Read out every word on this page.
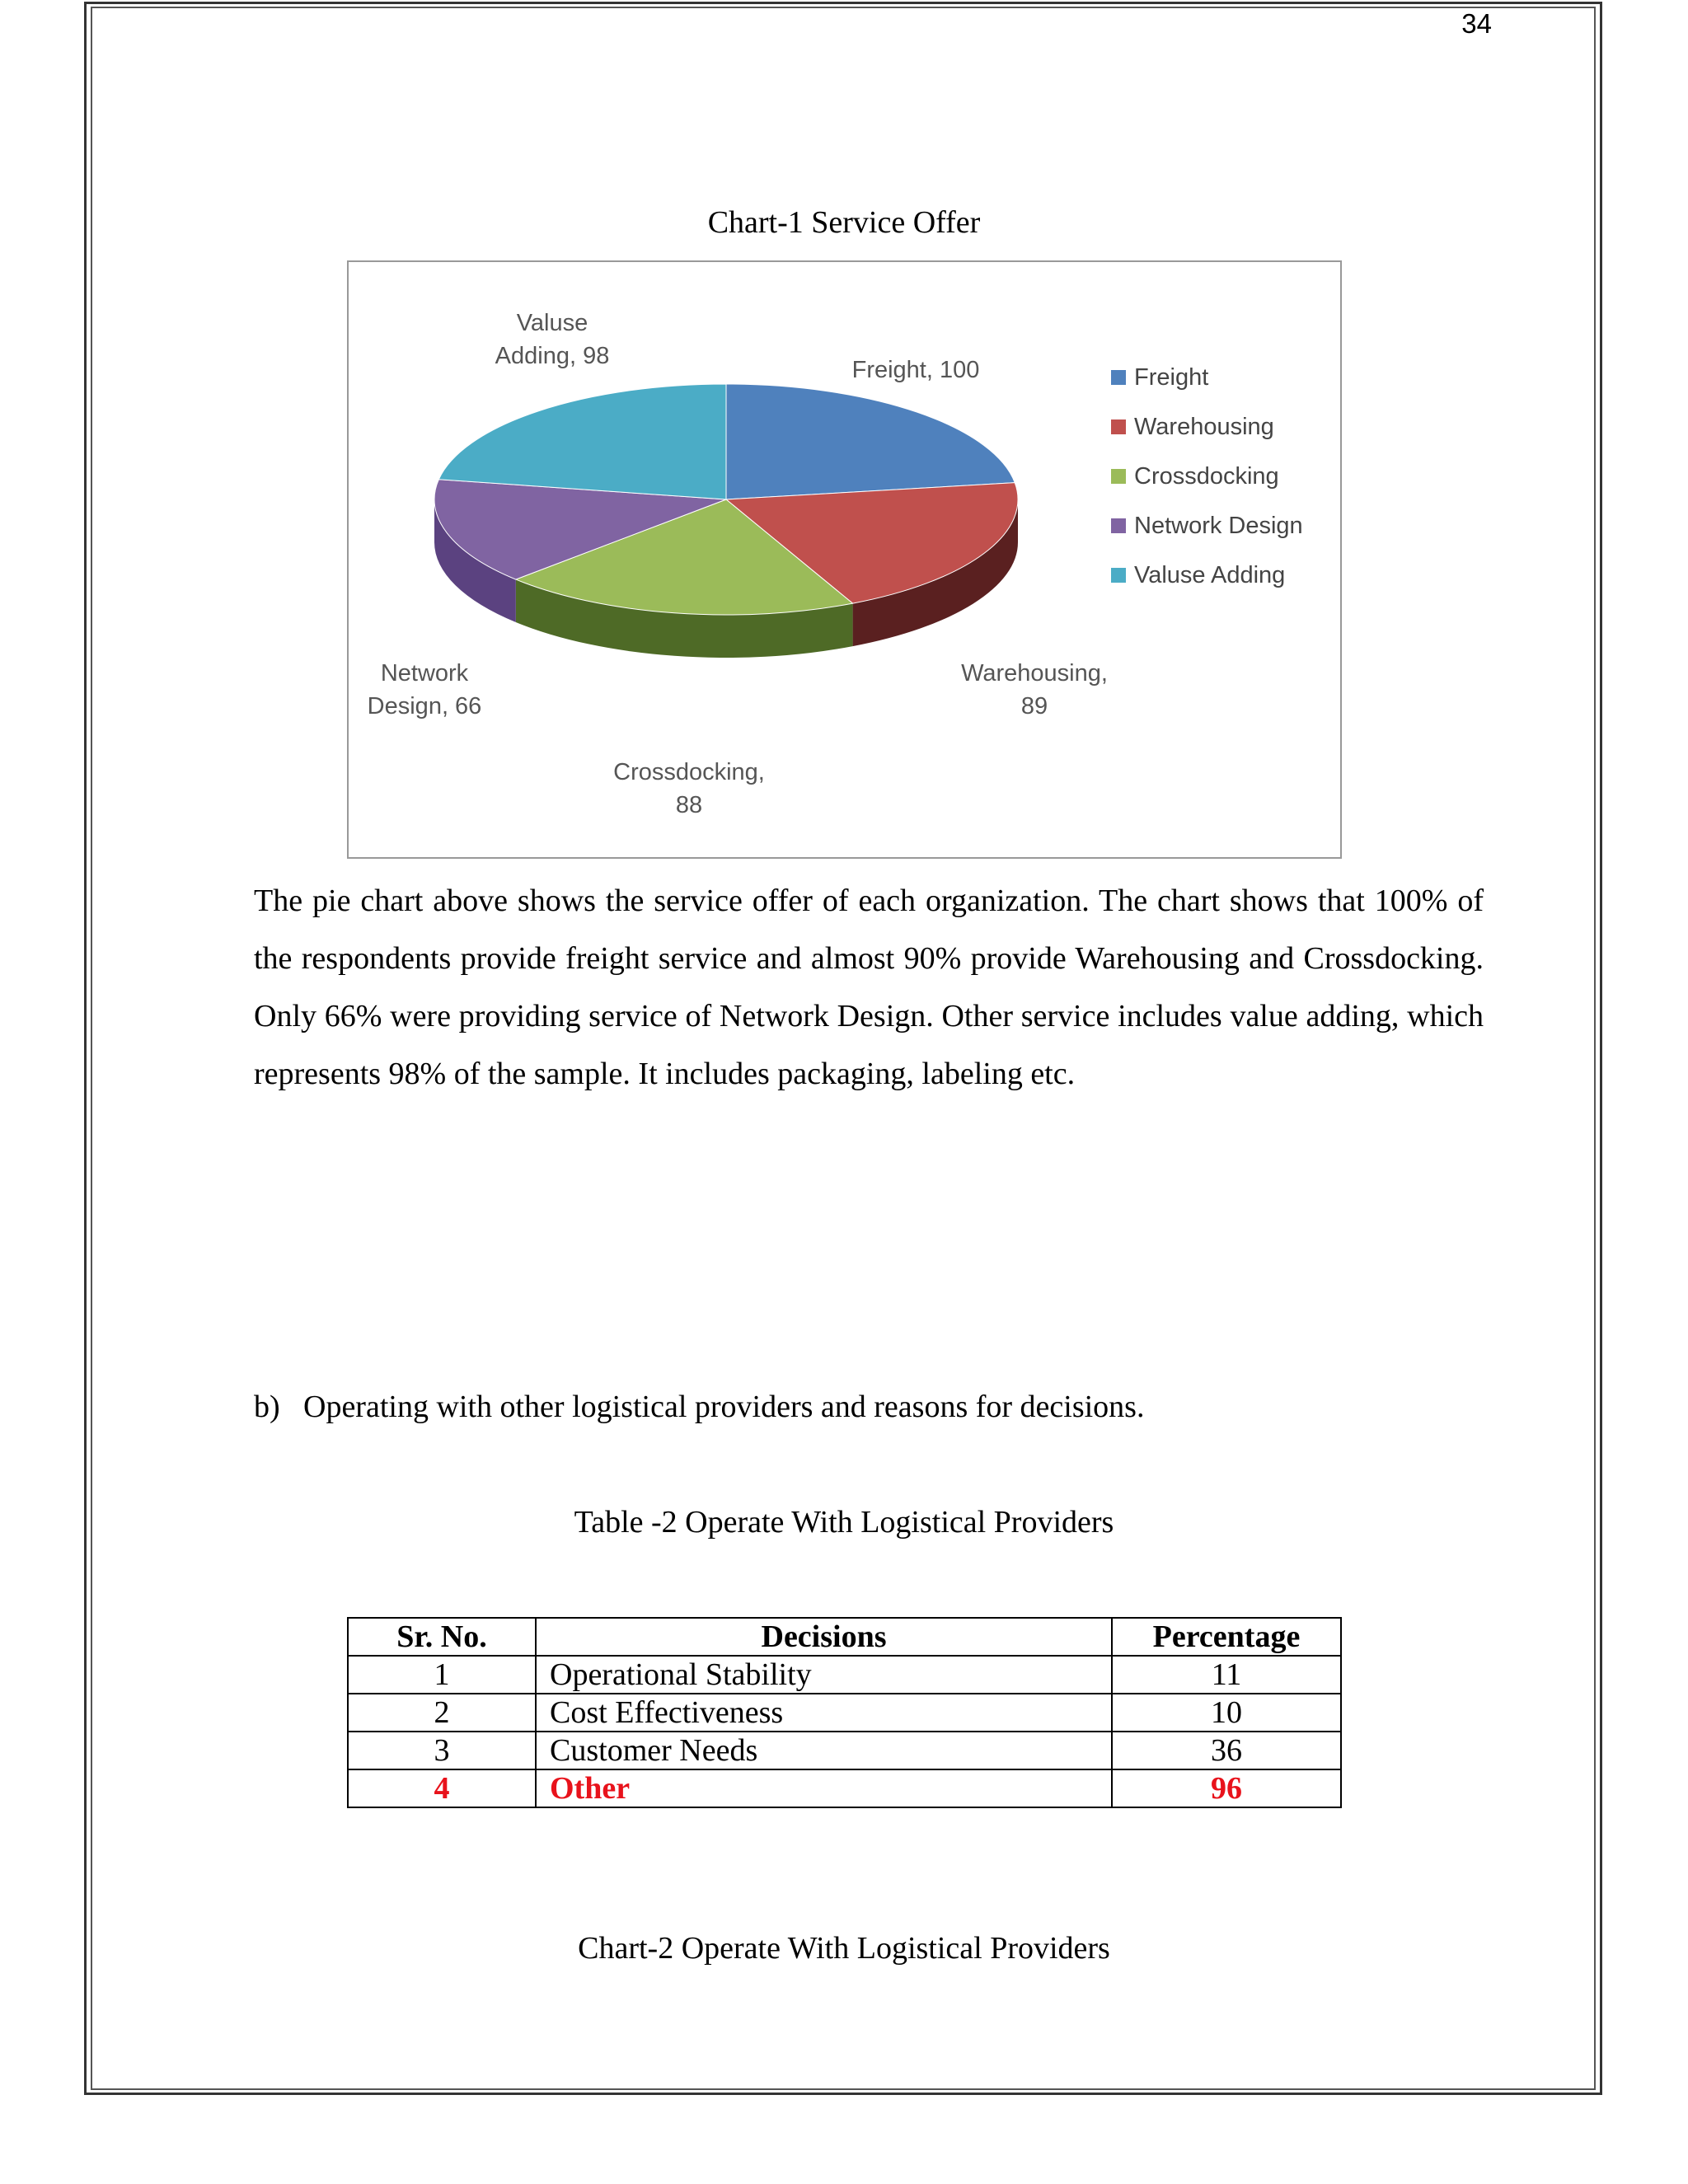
34
Chart-1 Service Offer
Freight, 100
Warehousing, 89
Crossdocking, 88
Network Design, 66
Valuse Adding, 98
Freight
Warehousing
Crossdocking
Network Design
Valuse Adding
The pie chart above shows the service offer of each organization. The chart shows that 100% of the respondents provide freight service and almost 90% provide Warehousing and Crossdocking. Only 66% were providing service of Network Design. Other service includes value adding, which represents 98% of the sample. It includes packaging, labeling etc.
b) Operating with other logistical providers and reasons for decisions.
Table -2 Operate With Logistical Providers
Sr. No.	Decisions	Percentage
1	Operational Stability	11
2	Cost Effectiveness	10
3	Customer Needs	36
4	Other	96
Chart-2 Operate With Logistical Providers
